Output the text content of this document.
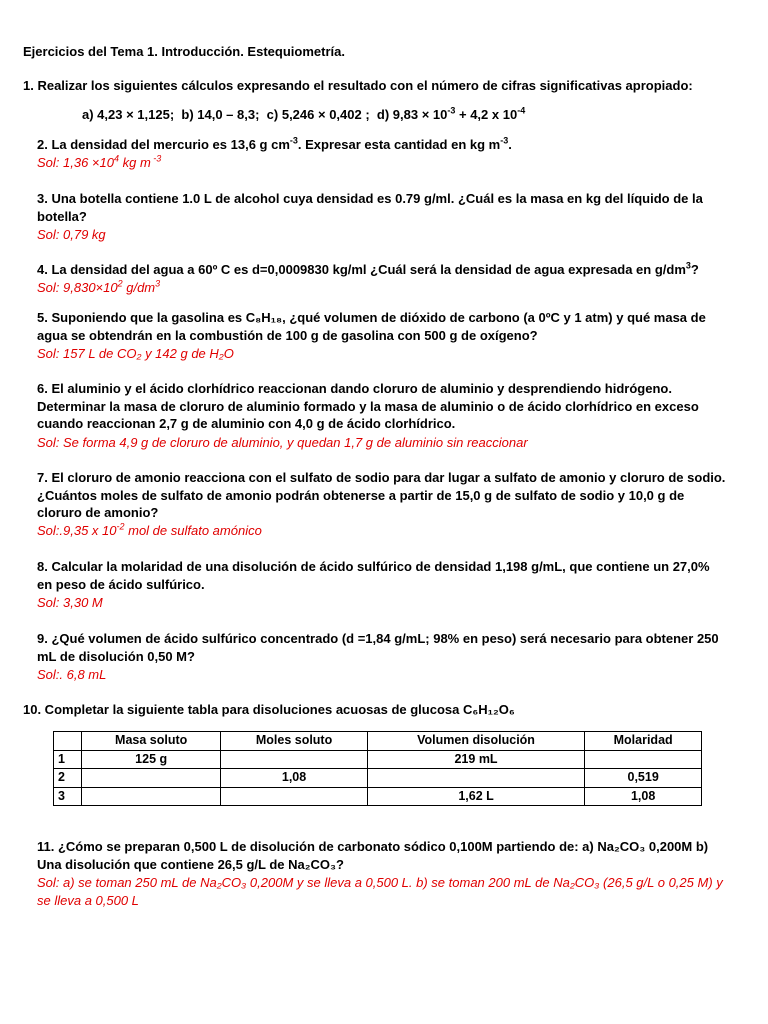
Ejercicios del Tema 1. Introducción. Estequiometría.
1. Realizar los siguientes cálculos expresando el resultado con el número de cifras significativas apropiado:
a) 4,23 × 1,125; b) 14,0 – 8,3; c) 5,246 × 0,402 ; d) $9,83 \times 10^{-3} + 4,2$ x $10^{-4}$
2. La densidad del mercurio es 13,6 g $cm^{-3}$. Expresar esta cantidad en kg $m^{-3}$.
Sol: $1,36 \times 10^4$ kg m $^{-3}$
3. Una botella contiene 1.0 L de alcohol cuya densidad es 0.79 g/ml. ¿Cuál es la masa en kg del líquido de la botella?
Sol: 0,79 kg
4. La densidad del agua a 60º C es d=0,0009830 kg/ml ¿Cuál será la densidad de agua expresada en $g/dm^3$?
Sol: $9,830\times 10^2$ $g/dm^3$
5. Suponiendo que la gasolina es C₈H₁₈, ¿qué volumen de dióxido de carbono (a 0ºC y 1 atm) y qué masa de agua se obtendrán en la combustión de 100 g de gasolina con 500 g de oxígeno?
Sol: 157 L de CO₂ y 142 g de H₂O
6. El aluminio y el ácido clorhídrico reaccionan dando cloruro de aluminio y desprendiendo hidrógeno. Determinar la masa de cloruro de aluminio formado y la masa de aluminio o de ácido clorhídrico en exceso cuando reaccionan 2,7 g de aluminio con 4,0 g de ácido clorhídrico.
Sol: Se forma 4,9 g de cloruro de aluminio, y quedan 1,7 g de aluminio sin reaccionar
7. El cloruro de amonio reacciona con el sulfato de sodio para dar lugar a sulfato de amonio y cloruro de sodio. ¿Cuántos moles de sulfato de amonio podrán obtenerse a partir de 15,0 g de sulfato de sodio y 10,0 g de cloruro de amonio?
Sol:.9,35 x $10^{-2}$ mol de sulfato amónico
8. Calcular la molaridad de una disolución de ácido sulfúrico de densidad 1,198 g/mL, que contiene un 27,0% en peso de ácido sulfúrico.
Sol: 3,30 M
9. ¿Qué volumen de ácido sulfúrico concentrado (d =1,84 g/mL; 98% en peso) será necesario para obtener 250 mL de disolución 0,50 M?
Sol:. 6,8 mL
10. Completar la siguiente tabla para disoluciones acuosas de glucosa C₆H₁₂O₆
	Masa soluto	Moles soluto	Volumen disolución	Molaridad
1	125 g		219 mL	
2		1,08		0,519
3			1,62 L	1,08
11. ¿Cómo se preparan 0,500 L de disolución de carbonato sódico 0,100M partiendo de: a) Na₂CO₃ 0,200M b) Una disolución que contiene 26,5 g/L de Na₂CO₃?
Sol: a) se toman 250 mL de Na₂CO₃ 0,200M y se lleva a 0,500 L. b) se toman 200 mL de Na₂CO₃ (26,5 g/L o 0,25 M) y se lleva a 0,500 L
